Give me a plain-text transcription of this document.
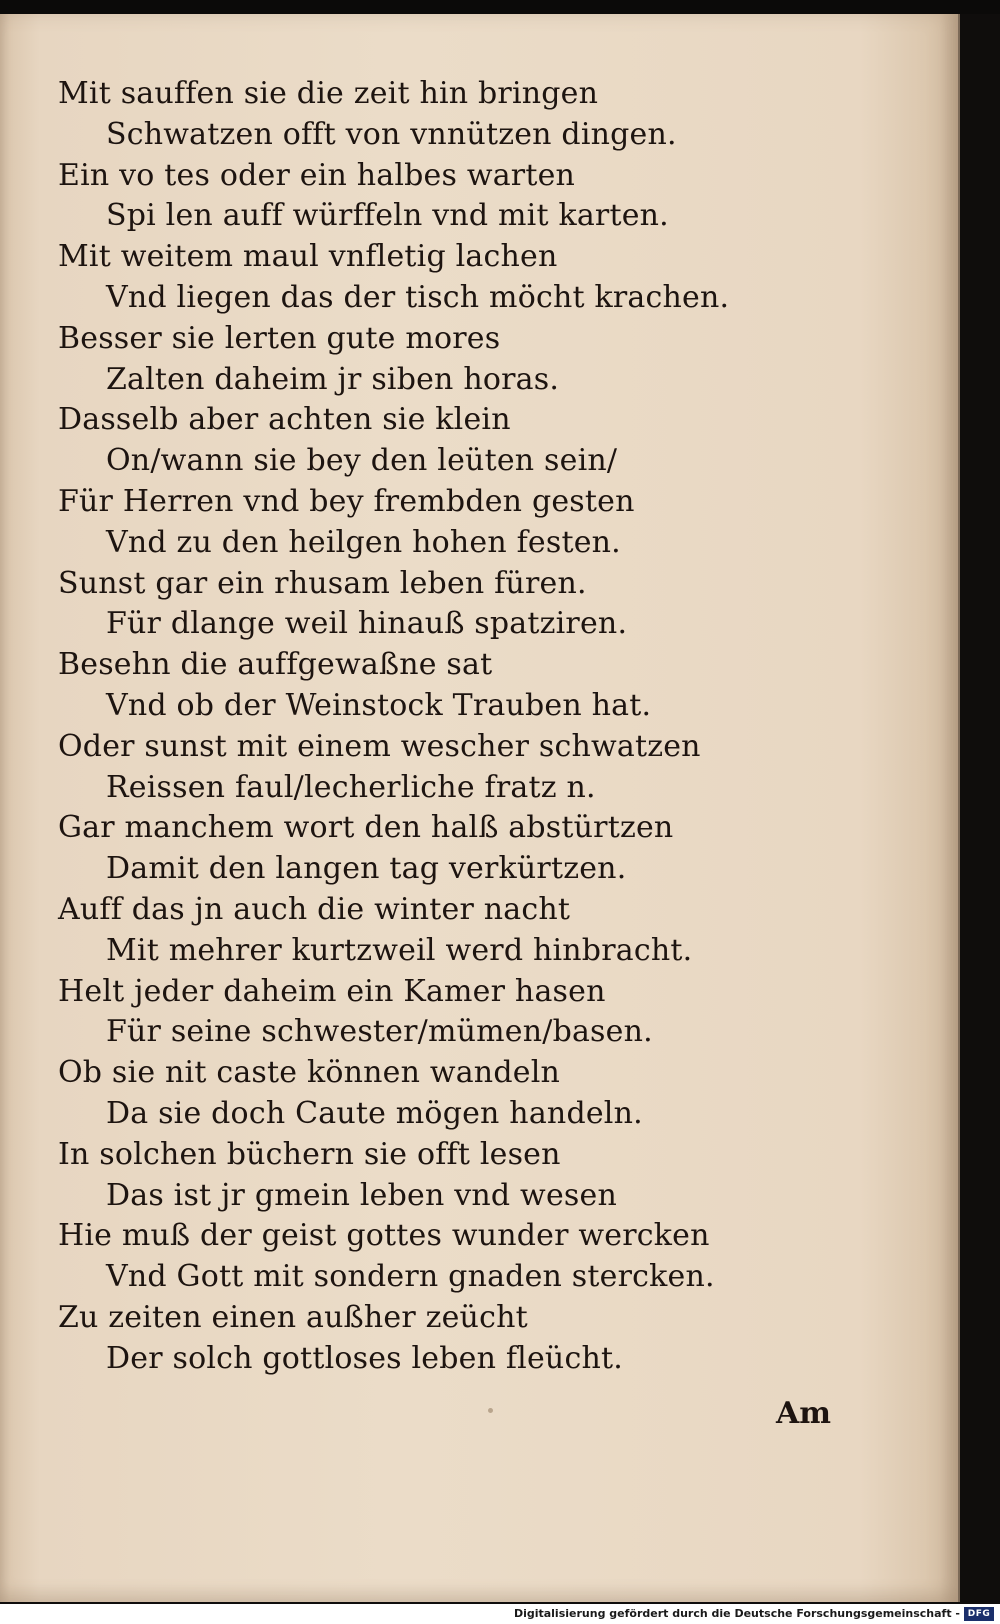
Mit sauffen sie die zeit hin bringen
Schwatzen offt von vnnützen dingen.
Ein vo tes oder ein halbes warten
Spi len auff würffeln vnd mit karten.
Mit weitem maul vnfletig lachen
Vnd liegen das der tisch möcht krachen.
Besser sie lerten gute mores
Zalten daheim jr siben horas.
Dasselb aber achten sie klein
On/wann sie bey den leüten sein/
Für Herren vnd bey frembden gesten
Vnd zu den heilgen hohen festen.
Sunst gar ein rhusam leben füren.
Für dlange weil hinauß spatziren.
Besehn die auffgewaßne sat
Vnd ob der Weinstock Trauben hat.
Oder sunst mit einem wescher schwatzen
Reissen faul/lecherliche fratz n.
Gar manchem wort den halß abstürtzen
Damit den langen tag verkürtzen.
Auff das jn auch die winter nacht
Mit mehrer kurtzweil werd hinbracht.
Helt jeder daheim ein Kamer hasen
Für seine schwester/mümen/basen.
Ob sie nit caste können wandeln
Da sie doch Caute mögen handeln.
In solchen büchern sie offt lesen
Das ist jr gmein leben vnd wesen
Hie muß der geist gottes wunder wercken
Vnd Gott mit sondern gnaden stercken.
Zu zeiten einen außher zeücht
Der solch gottloses leben fleücht.
Am
Digitalisierung gefördert durch die Deutsche Forschungsgemeinschaft - DFG
